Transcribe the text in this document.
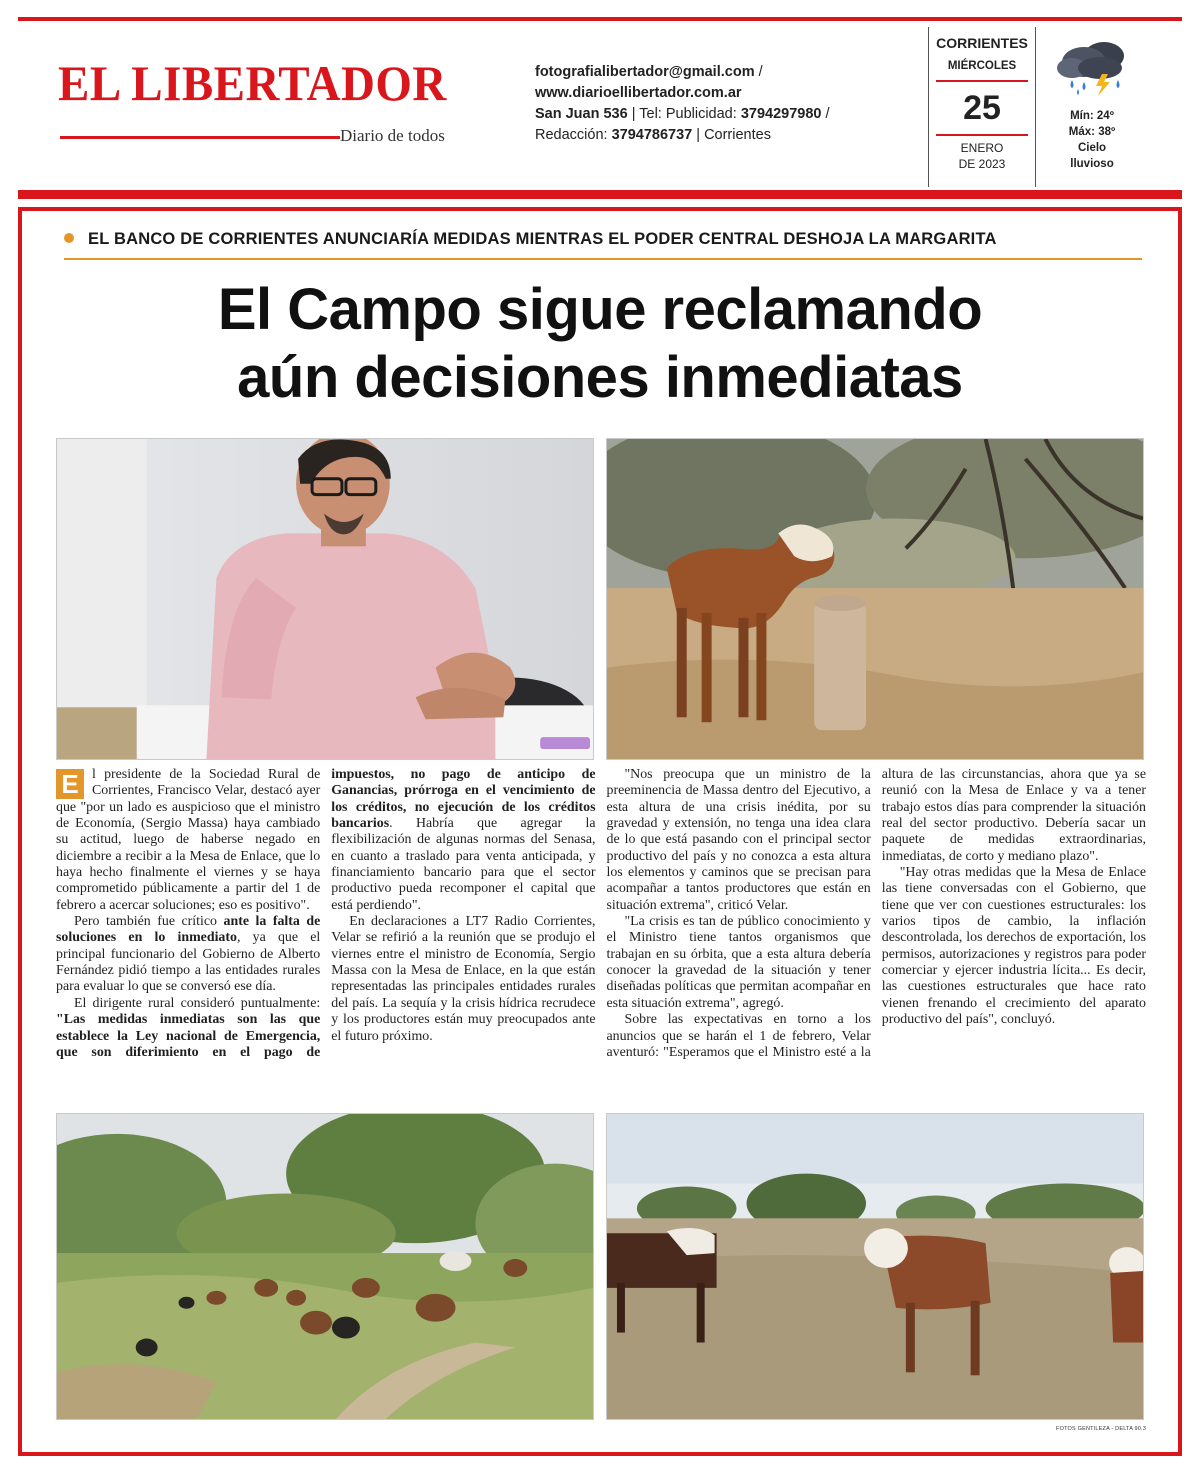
EL LIBERTADOR
Diario de todos
fotografialibertador@gmail.com /
www.diarioellibertador.com.ar
San Juan 536 | Tel: Publicidad: 3794297980 /
Redacción: 3794786737 | Corrientes
CORRIENTES
MIÉRCOLES
25
ENERO
DE 2023
Mín: 24º
Máx: 38º
Cielo
lluvioso
EL BANCO DE CORRIENTES ANUNCIARÍA MEDIDAS MIENTRAS EL PODER CENTRAL DESHOJA LA MARGARITA
El Campo sigue reclamando
aún decisiones inmediatas

E l presidente de la Sociedad Rural de Corrientes, Francisco Velar, destacó ayer que "por un lado es auspicioso que el ministro de Economía, (Sergio Massa) haya cambiado su actitud, luego de haberse negado en diciembre a recibir a la Mesa de Enlace, que lo haya hecho finalmente el viernes y se haya comprometido públicamente a partir del 1 de febrero a acercar soluciones; eso es positivo".

Pero también fue crítico ante la falta de soluciones en lo inmediato, ya que el principal funcionario del Gobierno de Alberto Fernández pidió tiempo a las entidades rurales para evaluar lo que se conversó ese día.

El dirigente rural consideró puntualmente: "Las medidas inmediatas son las que establece la Ley nacional de Emergencia, que son diferimiento en el pago de impuestos, no pago de anticipo de Ganancias, prórroga en el vencimiento de los créditos, no ejecución de los créditos bancarios. Habría que agregar la flexibilización de algunas normas del Senasa, en cuanto a traslado para venta anticipada, y financiamiento bancario para que el sector productivo pueda recomponer el capital que está perdiendo".

En declaraciones a LT7 Radio Corrientes, Velar se refirió a la reunión que se produjo el viernes entre el ministro de Economía, Sergio Massa con la Mesa de Enlace, en la que están representadas las principales entidades rurales del país. La sequía y la crisis hídrica recrudece y los productores están muy preocupados ante el futuro próximo.

"Nos preocupa que un ministro de la preeminencia de Massa dentro del Ejecutivo, a esta altura de una crisis inédita, por su gravedad y extensión, no tenga una idea clara de lo que está pasando con el principal sector productivo del país y no conozca a esta altura los elementos y caminos que se precisan para acompañar a tantos productores que están en situación extrema", criticó Velar.

"La crisis es tan de público conocimiento y el Ministro tiene tantos organismos que trabajan en su órbita, que a esta altura debería conocer la gravedad de la situación y tener diseñadas políticas que permitan acompañar en esta situación extrema", agregó.

Sobre las expectativas en torno a los anuncios que se harán el 1 de febrero, Velar aventuró: "Esperamos que el Ministro esté a la altura de las circunstancias, ahora que ya se reunió con la Mesa de Enlace y va a tener trabajo estos días para comprender la situación real del sector productivo. Debería sacar un paquete de medidas extraordinarias, inmediatas, de corto y mediano plazo".

"Hay otras medidas que la Mesa de Enlace las tiene conversadas con el Gobierno, que tiene que ver con cuestiones estructurales: los varios tipos de cambio, la inflación descontrolada, los derechos de exportación, los permisos, autorizaciones y registros para poder comerciar y ejercer industria lícita... Es decir, las cuestiones estructurales que hace rato vienen frenando el crecimiento del aparato productivo del país", concluyó.

FOTOS GENTILEZA - DELTA 90.3
